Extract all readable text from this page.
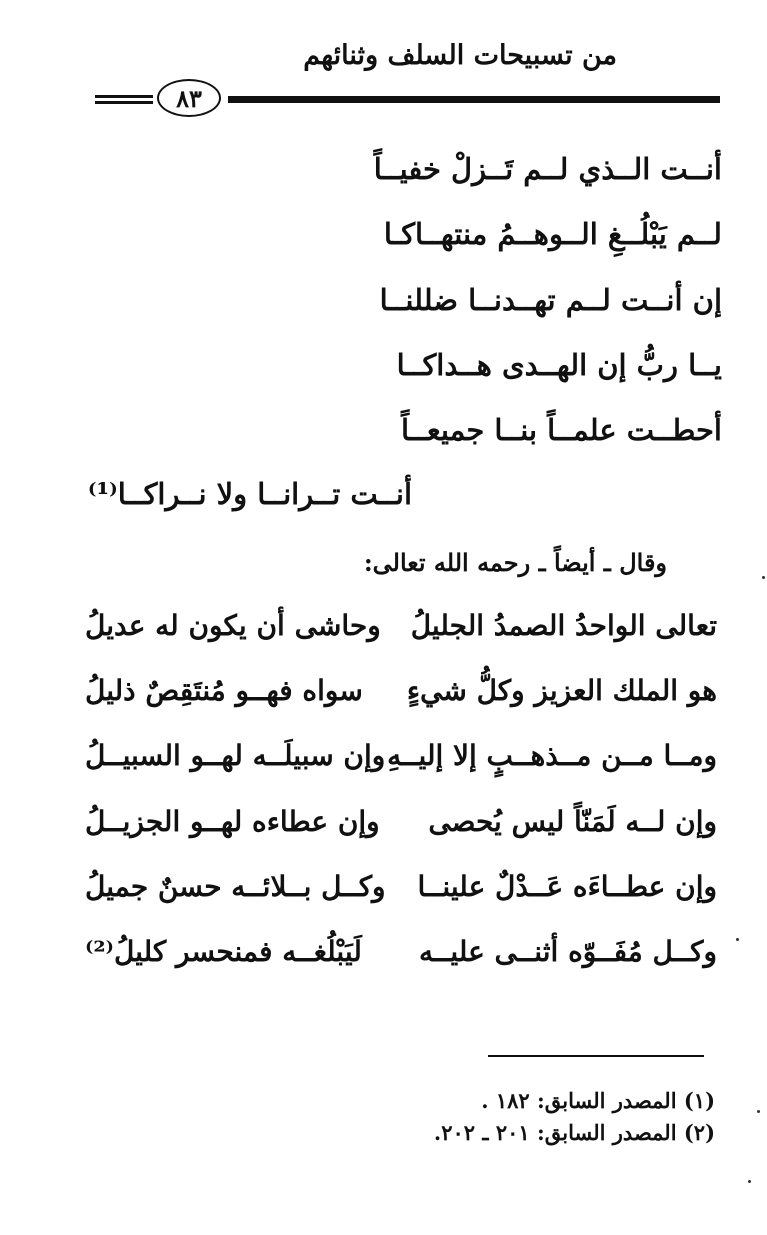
من تسبيحات السلف وثنائهم
٨٣
أنــت الــذي لــم تَــزلْ خفيــاً
لــم يَبْلُــغِ الــوهــمُ منتهــاكـا
إن أنــت لــم تهــدنــا ضللنــا
يــا ربُّ إن الهــدى هــداكــا
أحطــت علمــاً بنــا جميعــاً
أنــت تــرانــا ولا نــراكــا⁽¹⁾
وقال ـ أيضاً ـ رحمه الله تعالى:
تعالى الواحدُ الصمدُ الجليلُ
وحاشى أن يكون له عديلُ
هو الملك العزيز وكلُّ شيءٍ
سواه فهــو مُنتَقِصٌ ذليلُ
ومــا مــن مــذهــبٍ إلا إليــهِ
وإن سبيلَــه لهــو السبيــلُ
وإن لــه لَمَنّاً ليس يُحصى
وإن عطاءه لهــو الجزيــلُ
وإن عطــاءَه عَــدْلٌ علينــا
وكــل بــلائــه حسنٌ جميلُ
وكــل مُفَــوّه أثنــى عليــه
لَيَبْلُغــه فمنحسر كليلُ⁽²⁾
(١) المصدر السابق: ١٨٢ .
(٢) المصدر السابق: ٢٠١ ـ ٢٠٢.
